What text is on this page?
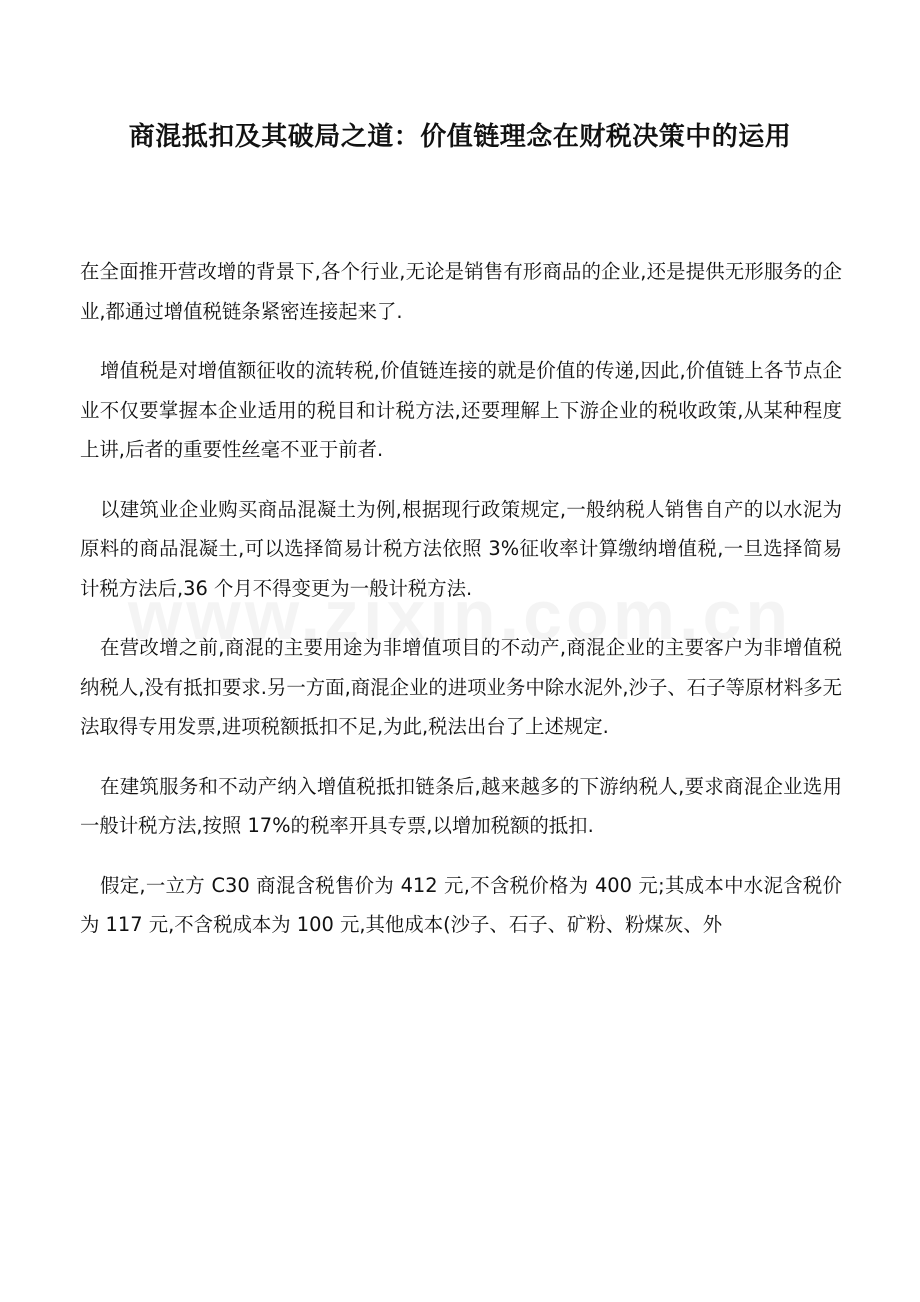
商混抵扣及其破局之道：价值链理念在财税决策中的运用

在全面推开营改增的背景下,各个行业,无论是销售有形商品的企业,还是提供无形服务的企业,都通过增值税链条紧密连接起来了.

增值税是对增值额征收的流转税,价值链连接的就是价值的传递,因此,价值链上各节点企业不仅要掌握本企业适用的税目和计税方法,还要理解上下游企业的税收政策,从某种程度上讲,后者的重要性丝毫不亚于前者.

以建筑业企业购买商品混凝土为例,根据现行政策规定,一般纳税人销售自产的以水泥为原料的商品混凝土,可以选择简易计税方法依照 3%征收率计算缴纳增值税,一旦选择简易计税方法后,36 个月不得变更为一般计税方法.

在营改增之前,商混的主要用途为非增值项目的不动产,商混企业的主要客户为非增值税纳税人,没有抵扣要求.另一方面,商混企业的进项业务中除水泥外,沙子、石子等原材料多无法取得专用发票,进项税额抵扣不足,为此,税法出台了上述规定.

在建筑服务和不动产纳入增值税抵扣链条后,越来越多的下游纳税人,要求商混企业选用一般计税方法,按照 17%的税率开具专票,以增加税额的抵扣.

假定,一立方 C30 商混含税售价为 412 元,不含税价格为 400 元;其成本中水泥含税价为 117 元,不含税成本为 100 元,其他成本(沙子、石子、矿粉、粉煤灰、外
